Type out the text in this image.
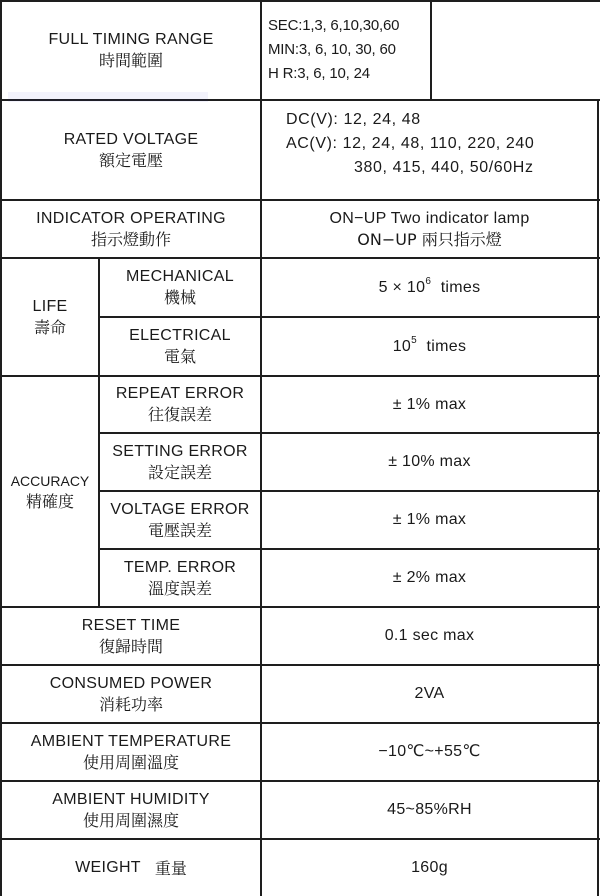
FULL TIMING RANGE
時間範圍
SEC:1,3, 6,10,30,60
MIN:3, 6, 10, 30, 60
H R:3, 6, 10, 24
RATED VOLTAGE
額定電壓
DC(V): 12, 24, 48
AC(V): 12, 24, 48, 110, 220, 240
380, 415, 440, 50/60Hz
INDICATOR OPERATING
指示燈動作
ON−UP Two indicator lamp
ON−UP 兩只指示燈
LIFE
壽命
MECHANICAL
機械
$5 \times 10^6$ times
ELECTRICAL
電氣
$10^5$ times
ACCURACY
精確度
REPEAT ERROR
往復誤差
± 1% max
SETTING ERROR
設定誤差
± 10% max
VOLTAGE ERROR
電壓誤差
± 1% max
TEMP. ERROR
溫度誤差
± 2% max
RESET TIME
復歸時間
0.1 sec max
CONSUMED POWER
消耗功率
2VA
AMBIENT TEMPERATURE
使用周圍溫度
−10℃~+55℃
AMBIENT HUMIDITY
使用周圍濕度
45~85%RH
WEIGHT 重量	160g
